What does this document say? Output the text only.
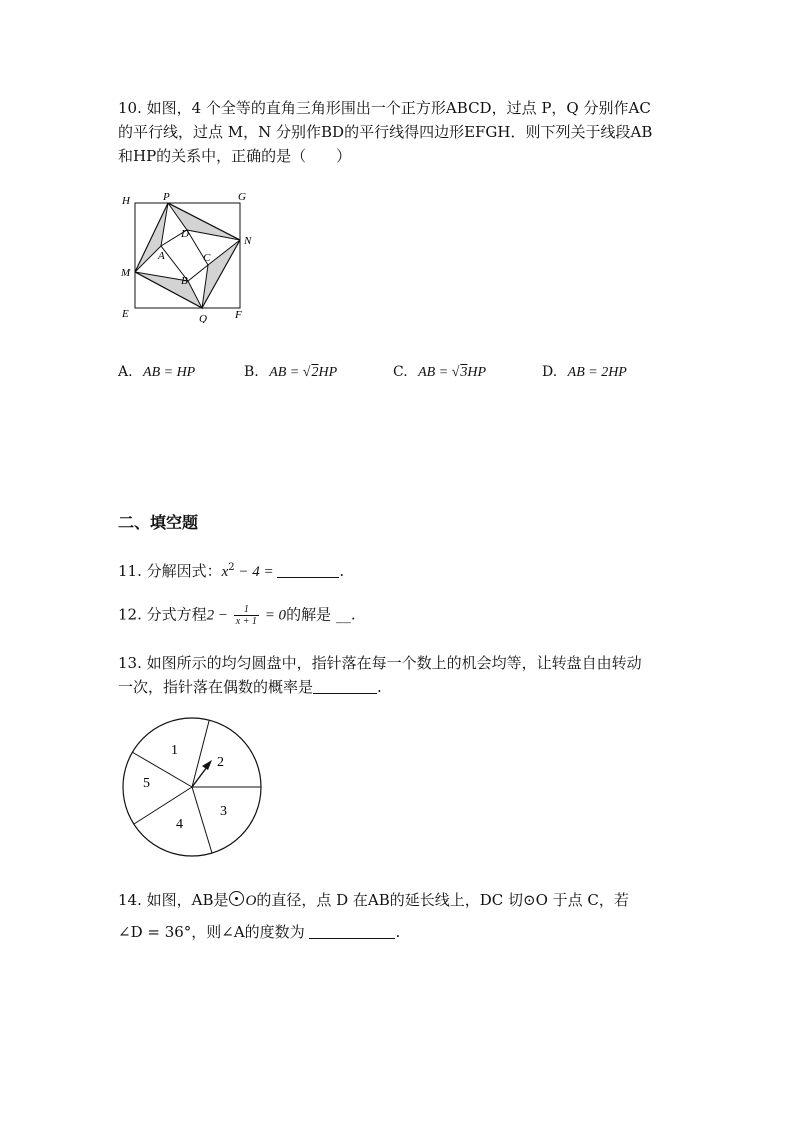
10. 如图，4 个全等的直角三角形围出一个正方形ABCD，过点 P，Q 分别作AC
的平行线，过点 M，N 分别作BD的平行线得四边形EFGH．则下列关于线段AB
和HP的关系中，正确的是（　　）
H	P	G
D
N
A	C
M
B
E	Q	F
A. AB = HP	B. AB = √2HP	C. AB = √3HP	D. AB = 2HP
二、填空题
11. 分解因式：$x^2 - 4$ =	.
12. 分式方程$2 - \frac{1}{x + 1} = 0$的解是 __.
13. 如图所示的均匀圆盘中，指针落在每一个数上的机会均等，让转盘自由转动
一次，指针落在偶数的概率是	.
1
2
3
4
5
14. 如图，AB是 O的直径，点 D 在AB的延长线上，DC 切⊙O 于点 C，若
∠D = 36°，则∠A的度数为	.
